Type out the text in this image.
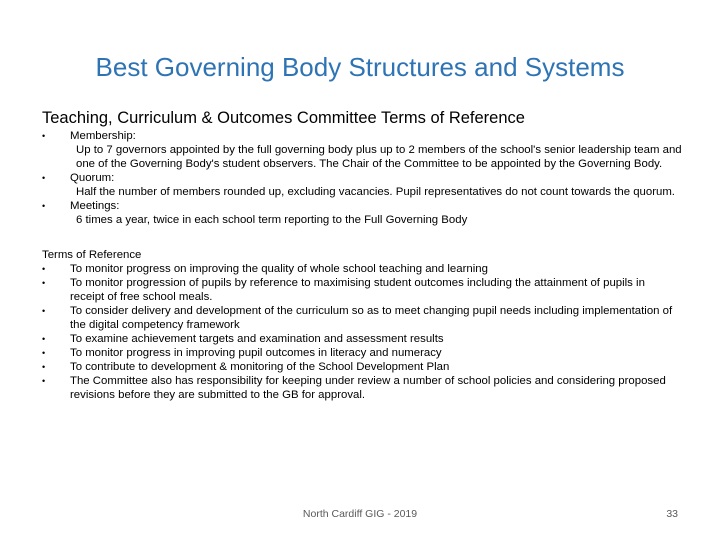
Best Governing Body Structures and Systems
Teaching, Curriculum & Outcomes Committee Terms of Reference
• Membership:
Up to 7 governors appointed by the full governing body plus up to 2 members of the school's senior leadership team and one of the Governing Body's student observers. The Chair of the Committee to be appointed by the Governing Body.
• Quorum:
Half the number of members rounded up, excluding vacancies. Pupil representatives do not count towards the quorum.
• Meetings:
6 times a year, twice in each school term reporting to the Full Governing Body
Terms of Reference
• To monitor progress on improving the quality of whole school teaching and learning
• To monitor progression of pupils by reference to maximising student outcomes including the attainment of pupils in receipt of free school meals.
• To consider delivery and development of the curriculum so as to meet changing pupil needs including implementation of the digital competency framework
• To examine achievement targets and examination and assessment results
• To monitor progress in improving pupil outcomes in literacy and numeracy
• To contribute to development & monitoring of the School Development Plan
• The Committee also has responsibility for keeping under review a number of school policies and considering proposed revisions before they are submitted to the GB for approval.
North Cardiff GIG - 2019	33
